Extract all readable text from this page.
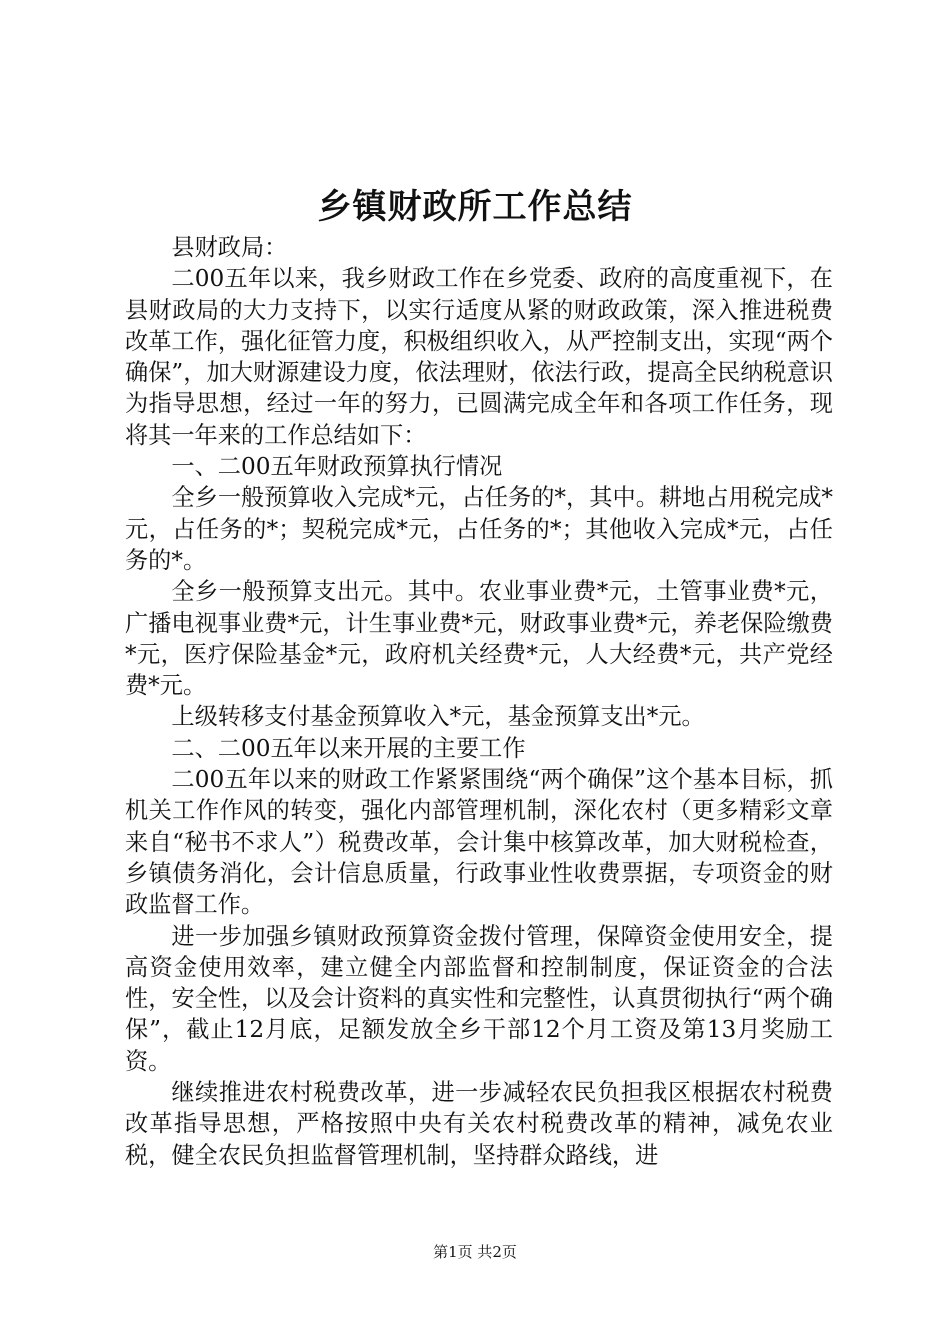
乡镇财政所工作总结

县财政局：

二00五年以来，我乡财政工作在乡党委、政府的高度重视下，在县财政局的大力支持下，以实行适度从紧的财政政策，深入推进税费改革工作，强化征管力度，积极组织收入，从严控制支出，实现“两个确保”，加大财源建设力度，依法理财，依法行政，提高全民纳税意识为指导思想，经过一年的努力，已圆满完成全年和各项工作任务，现将其一年来的工作总结如下：

一、二00五年财政预算执行情况

全乡一般预算收入完成*元，占任务的*，其中。耕地占用税完成*元，占任务的*；契税完成*元，占任务的*；其他收入完成*元，占任务的*。

全乡一般预算支出元。其中。农业事业费*元，土管事业费*元，广播电视事业费*元，计生事业费*元，财政事业费*元，养老保险缴费*元，医疗保险基金*元，政府机关经费*元，人大经费*元，共产党经费*元。

上级转移支付基金预算收入*元，基金预算支出*元。

二、二00五年以来开展的主要工作

二00五年以来的财政工作紧紧围绕“两个确保”这个基本目标，抓机关工作作风的转变，强化内部管理机制，深化农村（更多精彩文章来自“秘书不求人”）税费改革，会计集中核算改革，加大财税检查，乡镇债务消化，会计信息质量，行政事业性收费票据，专项资金的财政监督工作。

进一步加强乡镇财政预算资金拨付管理，保障资金使用安全，提高资金使用效率，建立健全内部监督和控制制度，保证资金的合法性，安全性，以及会计资料的真实性和完整性，认真贯彻执行“两个确保”，截止12月底，足额发放全乡干部12个月工资及第13月奖励工资。

继续推进农村税费改革，进一步减轻农民负担我区根据农村税费改革指导思想，严格按照中央有关农村税费改革的精神，减免农业税，健全农民负担监督管理机制，坚持群众路线，进

第1页 共2页
